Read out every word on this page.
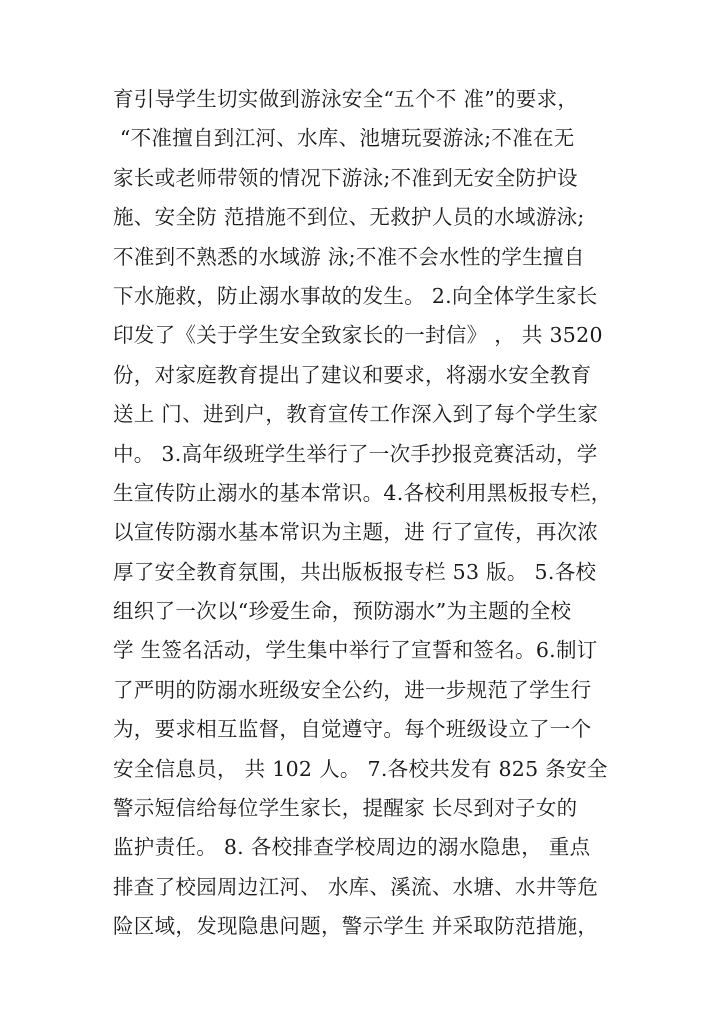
育引导学生切实做到游泳安全“五个不 准”的要求，
“不准擅自到江河、水库、池塘玩耍游泳;不准在无
家长或老师带领的情况下游泳;不准到无安全防护设
施、安全防 范措施不到位、无救护人员的水域游泳;
不准到不熟悉的水域游 泳;不准不会水性的学生擅自
下水施救，防止溺水事故的发生。 2.向全体学生家长
印发了《关于学生安全致家长的一封信》 ， 共 3520
份，对家庭教育提出了建议和要求，将溺水安全教育
送上 门、进到户，教育宣传工作深入到了每个学生家
中。 3.高年级班学生举行了一次手抄报竞赛活动，学
生宣传防止溺水的基本常识。4.各校利用黑板报专栏，
以宣传防溺水基本常识为主题，进 行了宣传，再次浓
厚了安全教育氛围，共出版板报专栏 53 版。 5.各校
组织了一次以“珍爱生命，预防溺水”为主题的全校
学 生签名活动，学生集中举行了宣誓和签名。6.制订
了严明的防溺水班级安全公约，进一步规范了学生行
为，要求相互监督，自觉遵守。每个班级设立了一个
安全信息员， 共 102 人。 7.各校共发有 825 条安全
警示短信给每位学生家长，提醒家 长尽到对子女的
监护责任。 8. 各校排查学校周边的溺水隐患， 重点
排查了校园周边江河、 水库、溪流、水塘、水井等危
险区域，发现隐患问题，警示学生 并采取防范措施，
